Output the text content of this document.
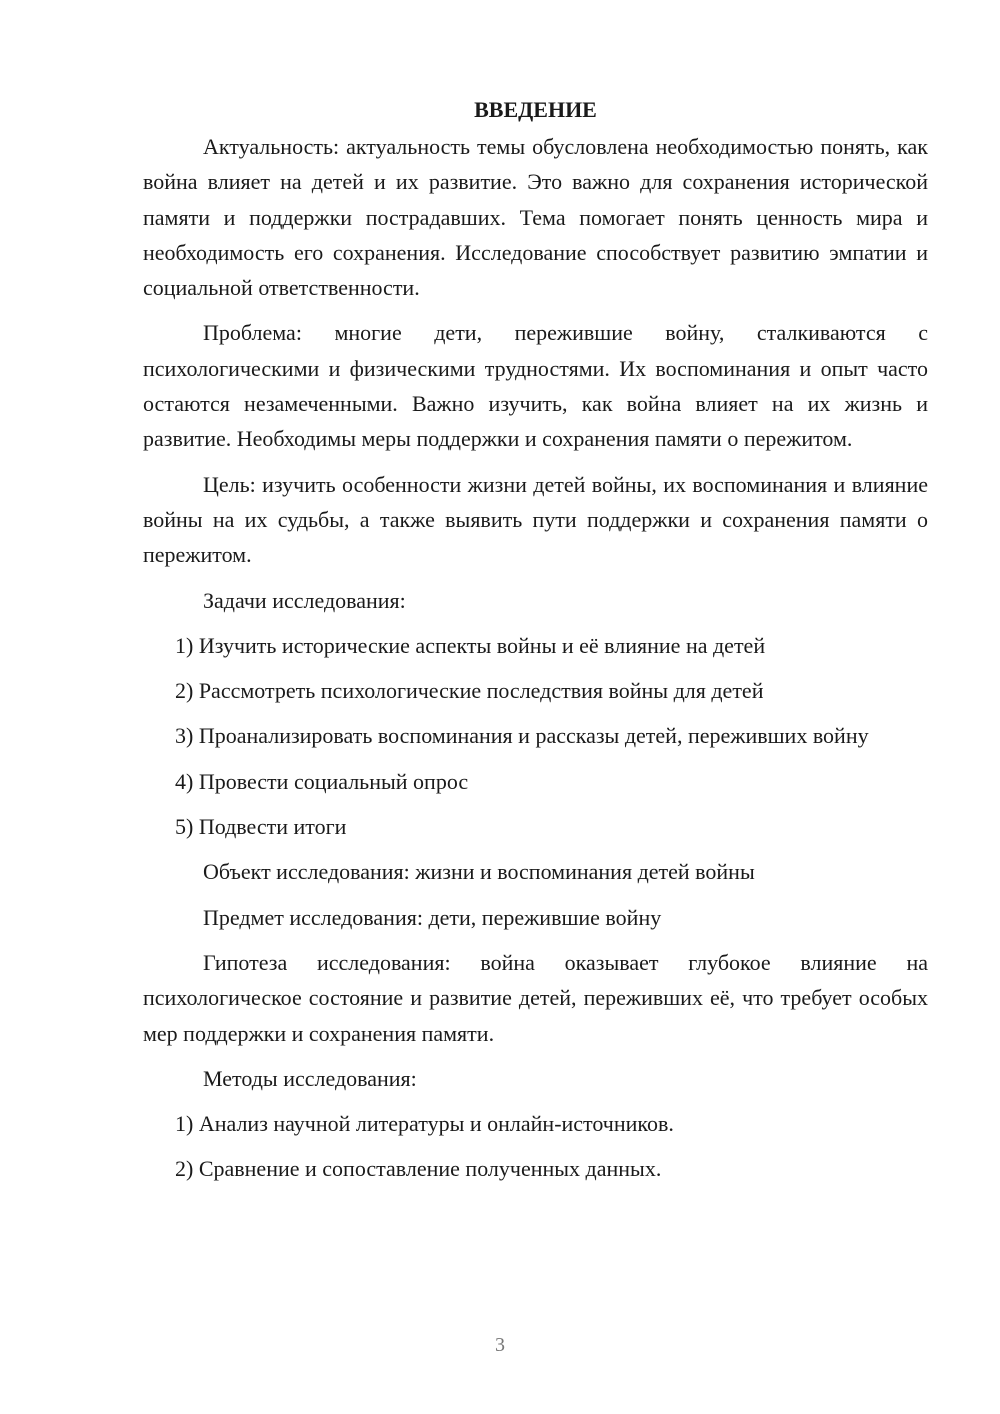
ВВЕДЕНИЕ

Актуальность: актуальность темы обусловлена необходимостью понять, как война влияет на детей и их развитие. Это важно для сохранения исторической памяти и поддержки пострадавших. Тема помогает понять ценность мира и необходимость его сохранения. Исследование способствует развитию эмпатии и социальной ответственности.

Проблема: многие дети, пережившие войну, сталкиваются с психологическими и физическими трудностями. Их воспоминания и опыт часто остаются незамеченными. Важно изучить, как война влияет на их жизнь и развитие. Необходимы меры поддержки и сохранения памяти о пережитом.

Цель: изучить особенности жизни детей войны, их воспоминания и влияние войны на их судьбы, а также выявить пути поддержки и сохранения памяти о пережитом.

Задачи исследования:
1) Изучить исторические аспекты войны и её влияние на детей
2) Рассмотреть психологические последствия войны для детей
3) Проанализировать воспоминания и рассказы детей, переживших войну
4) Провести социальный опрос
5) Подвести итоги
Объект исследования: жизни и воспоминания детей войны
Предмет исследования: дети, пережившие войну

Гипотеза исследования: война оказывает глубокое влияние на психологическое состояние и развитие детей, переживших её, что требует особых мер поддержки и сохранения памяти.

Методы исследования:
1) Анализ научной литературы и онлайн-источников.
2) Сравнение и сопоставление полученных данных.
3
